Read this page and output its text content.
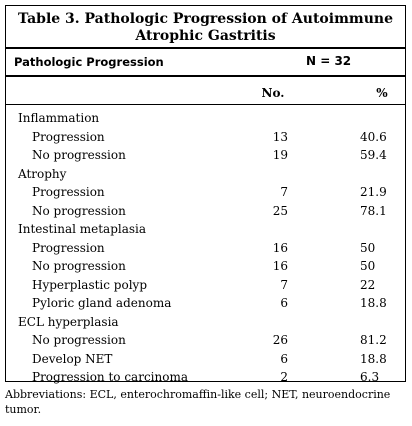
Table 3. Pathologic Progression of Autoimmune
Atrophic Gastritis
Pathologic Progression	N = 32
No.	%
Inflammation
Progression	13	40.6
No progression	19	59.4
Atrophy
Progression	7	21.9
No progression	25	78.1
Intestinal metaplasia
Progression	16	50
No progression	16	50
Hyperplastic polyp	7	22
Pyloric gland adenoma	6	18.8
ECL hyperplasia
No progression	26	81.2
Develop NET	6	18.8
Progression to carcinoma	2	6.3
Abbreviations: ECL, enterochromaffin-like cell; NET, neuroendocrine tumor.
